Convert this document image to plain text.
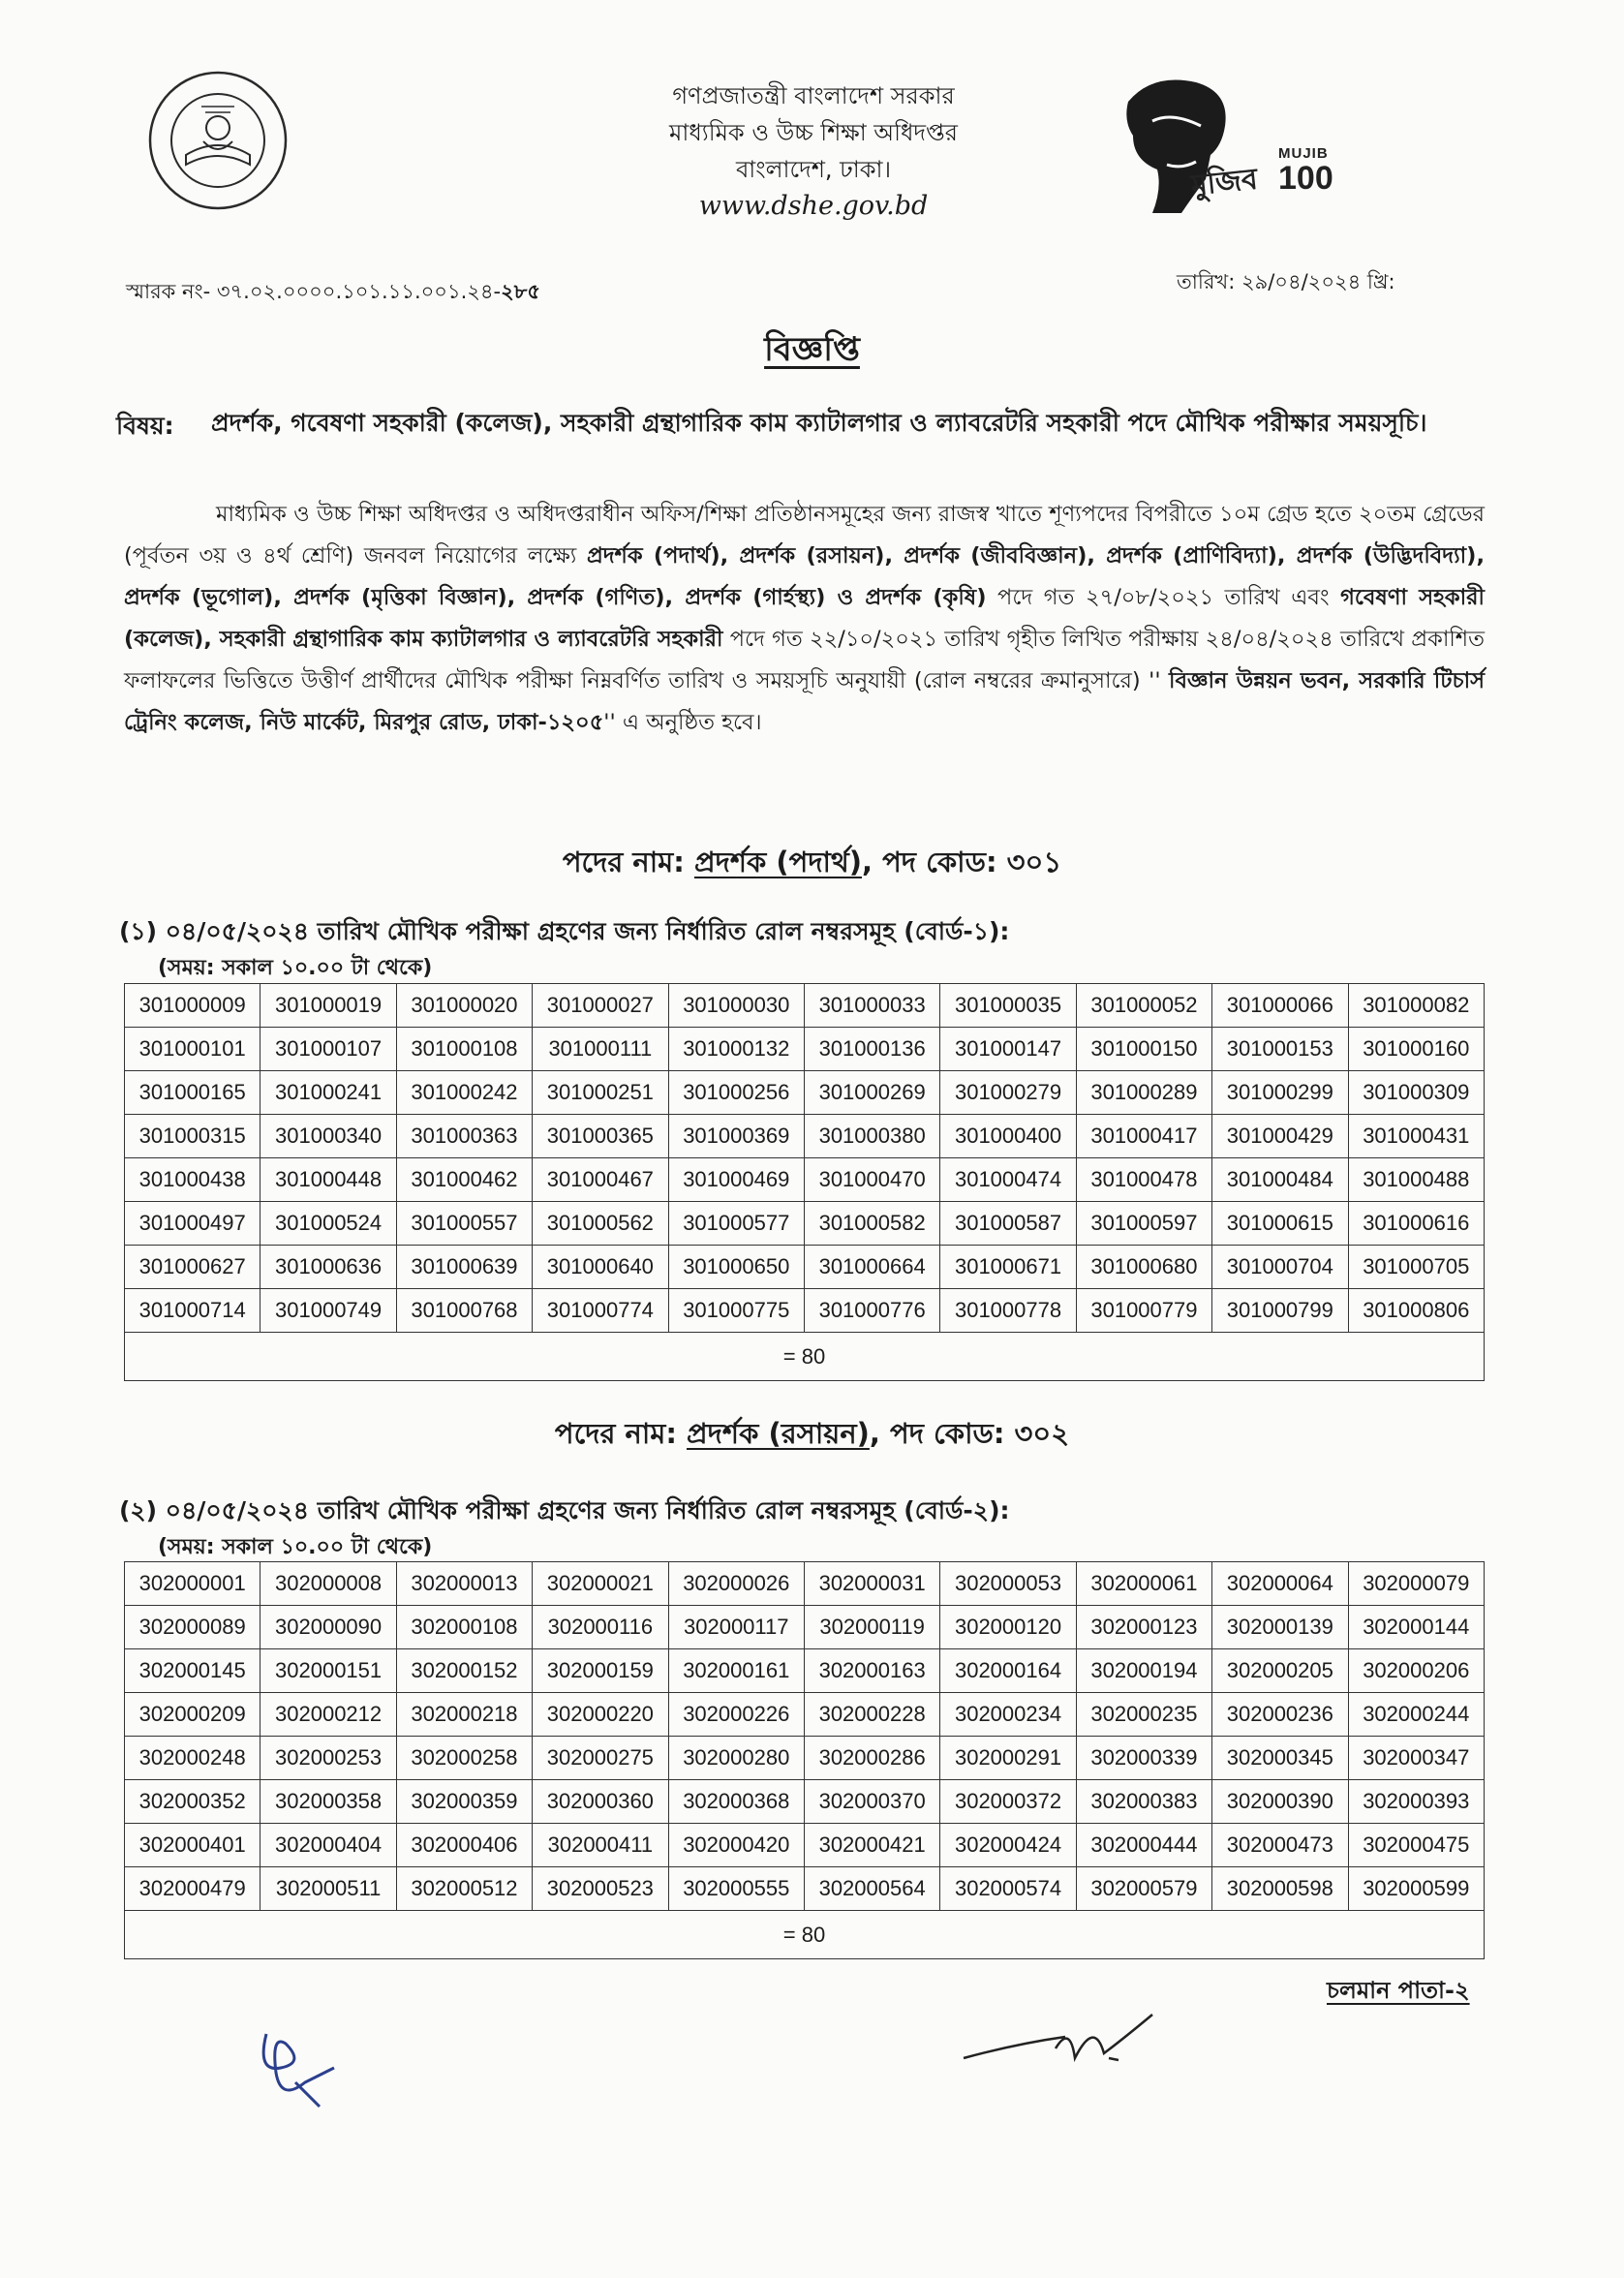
গণপ্রজাতন্ত্রী বাংলাদেশ সরকার
মাধ্যমিক ও উচ্চ শিক্ষা অধিদপ্তর
বাংলাদেশ, ঢাকা।
www.dshe.gov.bd
মুজিব
MUJIB
100
স্মারক নং- ৩৭.০২.০০০০.১০১.১১.০০১.২৪-২৮৫	তারিখ: ২৯/০৪/২০২৪ খ্রি:
বিজ্ঞপ্তি
বিষয়: প্রদর্শক, গবেষণা সহকারী (কলেজ), সহকারী গ্রন্থাগারিক কাম ক্যাটালগার ও ল্যাবরেটরি সহকারী পদে মৌখিক পরীক্ষার সময়সূচি।
মাধ্যমিক ও উচ্চ শিক্ষা অধিদপ্তর ও অধিদপ্তরাধীন অফিস/শিক্ষা প্রতিষ্ঠানসমূহের জন্য রাজস্ব খাতে শূণ্যপদের বিপরীতে ১০ম গ্রেড হতে ২০তম গ্রেডের (পূর্বতন ৩য় ও ৪র্থ শ্রেণি) জনবল নিয়োগের লক্ষ্যে প্রদর্শক (পদার্থ), প্রদর্শক (রসায়ন), প্রদর্শক (জীববিজ্ঞান), প্রদর্শক (প্রাণিবিদ্যা), প্রদর্শক (উদ্ভিদবিদ্যা), প্রদর্শক (ভূগোল), প্রদর্শক (মৃত্তিকা বিজ্ঞান), প্রদর্শক (গণিত), প্রদর্শক (গার্হস্থ্য) ও প্রদর্শক (কৃষি) পদে গত ২৭/০৮/২০২১ তারিখ এবং গবেষণা সহকারী (কলেজ), সহকারী গ্রন্থাগারিক কাম ক্যাটালগার ও ল্যাবরেটরি সহকারী পদে গত ২২/১০/২০২১ তারিখ গৃহীত লিখিত পরীক্ষায় ২৪/০৪/২০২৪ তারিখে প্রকাশিত ফলাফলের ভিত্তিতে উত্তীর্ণ প্রার্থীদের মৌখিক পরীক্ষা নিম্নবর্ণিত তারিখ ও সময়সূচি অনুযায়ী (রোল নম্বরের ক্রমানুসারে) '' বিজ্ঞান উন্নয়ন ভবন, সরকারি টিচার্স ট্রেনিং কলেজ, নিউ মার্কেট, মিরপুর রোড, ঢাকা-১২০৫'' এ অনুষ্ঠিত হবে।
পদের নাম: প্রদর্শক (পদার্থ), পদ কোড: ৩০১
(১) ০৪/০৫/২০২৪ তারিখ মৌখিক পরীক্ষা গ্রহণের জন্য নির্ধারিত রোল নম্বরসমূহ (বোর্ড-১):
(সময়: সকাল ১০.০০ টা থেকে)
301000009	301000019	301000020	301000027	301000030	301000033	301000035	301000052	301000066	301000082
301000101	301000107	301000108	301000111	301000132	301000136	301000147	301000150	301000153	301000160
301000165	301000241	301000242	301000251	301000256	301000269	301000279	301000289	301000299	301000309
301000315	301000340	301000363	301000365	301000369	301000380	301000400	301000417	301000429	301000431
301000438	301000448	301000462	301000467	301000469	301000470	301000474	301000478	301000484	301000488
301000497	301000524	301000557	301000562	301000577	301000582	301000587	301000597	301000615	301000616
301000627	301000636	301000639	301000640	301000650	301000664	301000671	301000680	301000704	301000705
301000714	301000749	301000768	301000774	301000775	301000776	301000778	301000779	301000799	301000806
= 80									
পদের নাম: প্রদর্শক (রসায়ন), পদ কোড: ৩০২
(২) ০৪/০৫/২০২৪ তারিখ মৌখিক পরীক্ষা গ্রহণের জন্য নির্ধারিত রোল নম্বরসমূহ (বোর্ড-২):
(সময়: সকাল ১০.০০ টা থেকে)
302000001	302000008	302000013	302000021	302000026	302000031	302000053	302000061	302000064	302000079
302000089	302000090	302000108	302000116	302000117	302000119	302000120	302000123	302000139	302000144
302000145	302000151	302000152	302000159	302000161	302000163	302000164	302000194	302000205	302000206
302000209	302000212	302000218	302000220	302000226	302000228	302000234	302000235	302000236	302000244
302000248	302000253	302000258	302000275	302000280	302000286	302000291	302000339	302000345	302000347
302000352	302000358	302000359	302000360	302000368	302000370	302000372	302000383	302000390	302000393
302000401	302000404	302000406	302000411	302000420	302000421	302000424	302000444	302000473	302000475
302000479	302000511	302000512	302000523	302000555	302000564	302000574	302000579	302000598	302000599
= 80									
চলমান পাতা-২
